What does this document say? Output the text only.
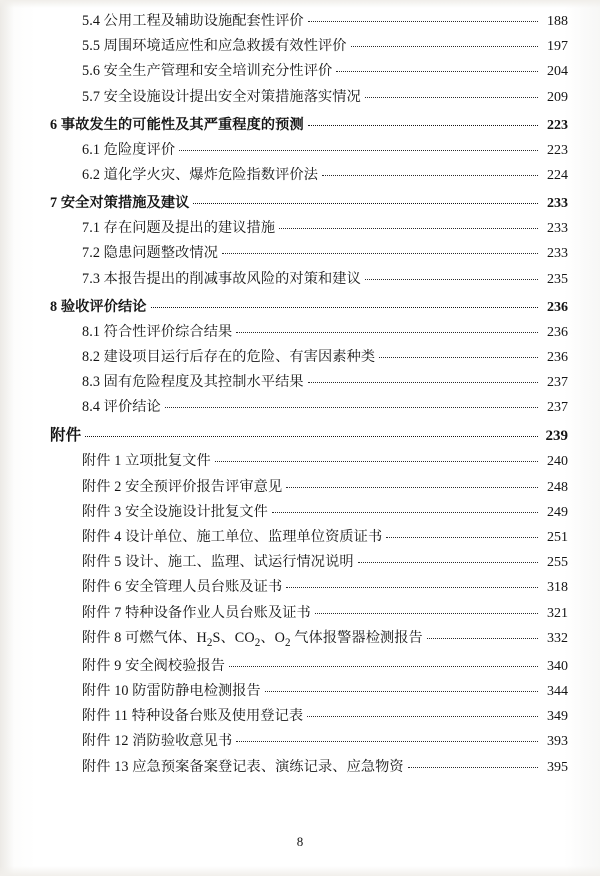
5.4 公用工程及辅助设施配套性评价	188
5.5 周围环境适应性和应急救援有效性评价	197
5.6 安全生产管理和安全培训充分性评价	204
5.7 安全设施设计提出安全对策措施落实情况	209
6 事故发生的可能性及其严重程度的预测	223
6.1 危险度评价	223
6.2 道化学火灾、爆炸危险指数评价法	224
7 安全对策措施及建议	233
7.1 存在问题及提出的建议措施	233
7.2 隐患问题整改情况	233
7.3 本报告提出的削减事故风险的对策和建议	235
8 验收评价结论	236
8.1 符合性评价综合结果	236
8.2 建设项目运行后存在的危险、有害因素种类	236
8.3 固有危险程度及其控制水平结果	237
8.4 评价结论	237
附件	239
附件 1 立项批复文件	240
附件 2 安全预评价报告评审意见	248
附件 3 安全设施设计批复文件	249
附件 4 设计单位、施工单位、监理单位资质证书	251
附件 5 设计、施工、监理、试运行情况说明	255
附件 6 安全管理人员台账及证书	318
附件 7 特种设备作业人员台账及证书	321
附件 8 可燃气体、$H_2S$、$CO_2$、$O_2$ 气体报警器检测报告	332
附件 9 安全阀校验报告	340
附件 10 防雷防静电检测报告	344
附件 11 特种设备台账及使用登记表	349
附件 12 消防验收意见书	393
附件 13 应急预案备案登记表、演练记录、应急物资	395
8
